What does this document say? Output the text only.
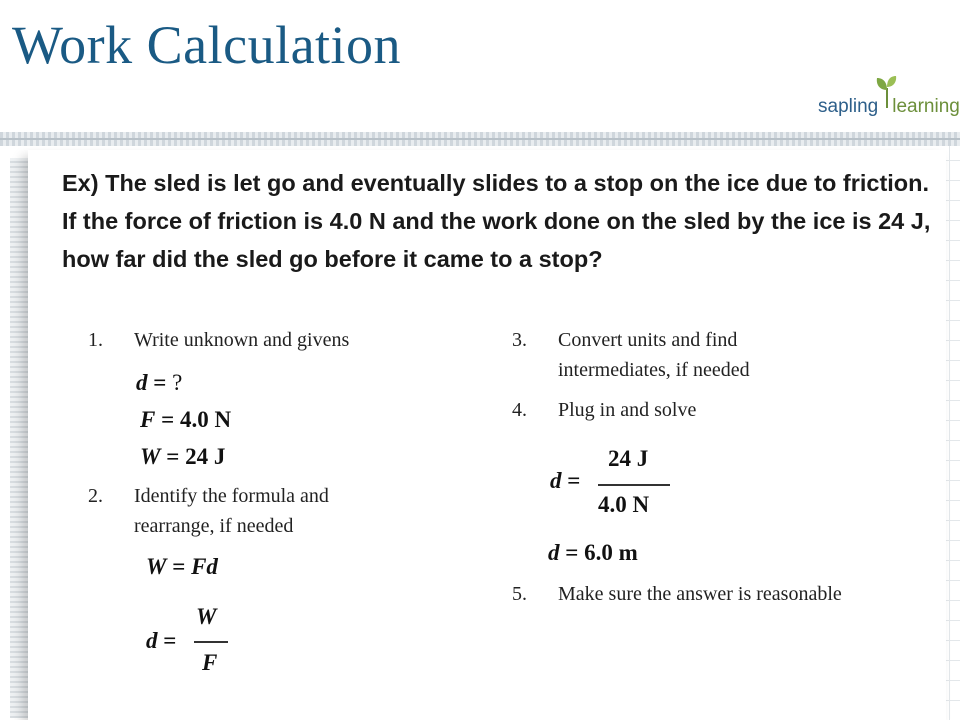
Work Calculation
sapling learning
Ex) The sled is let go and eventually slides to a stop on the ice due to friction. If the force of friction is 4.0 N and the work done on the sled by the ice is 24 J, how far did the sled go before it came to a stop?
1. Write unknown and givens
d = ?
F = 4.0 N
W = 24 J
2. Identify the formula and
rearrange, if needed
W = Fd
d =
W
F
3. Convert units and find
intermediates, if needed
4. Plug in and solve
d =
24 J
4.0 N
d = 6.0 m
5. Make sure the answer is reasonable
